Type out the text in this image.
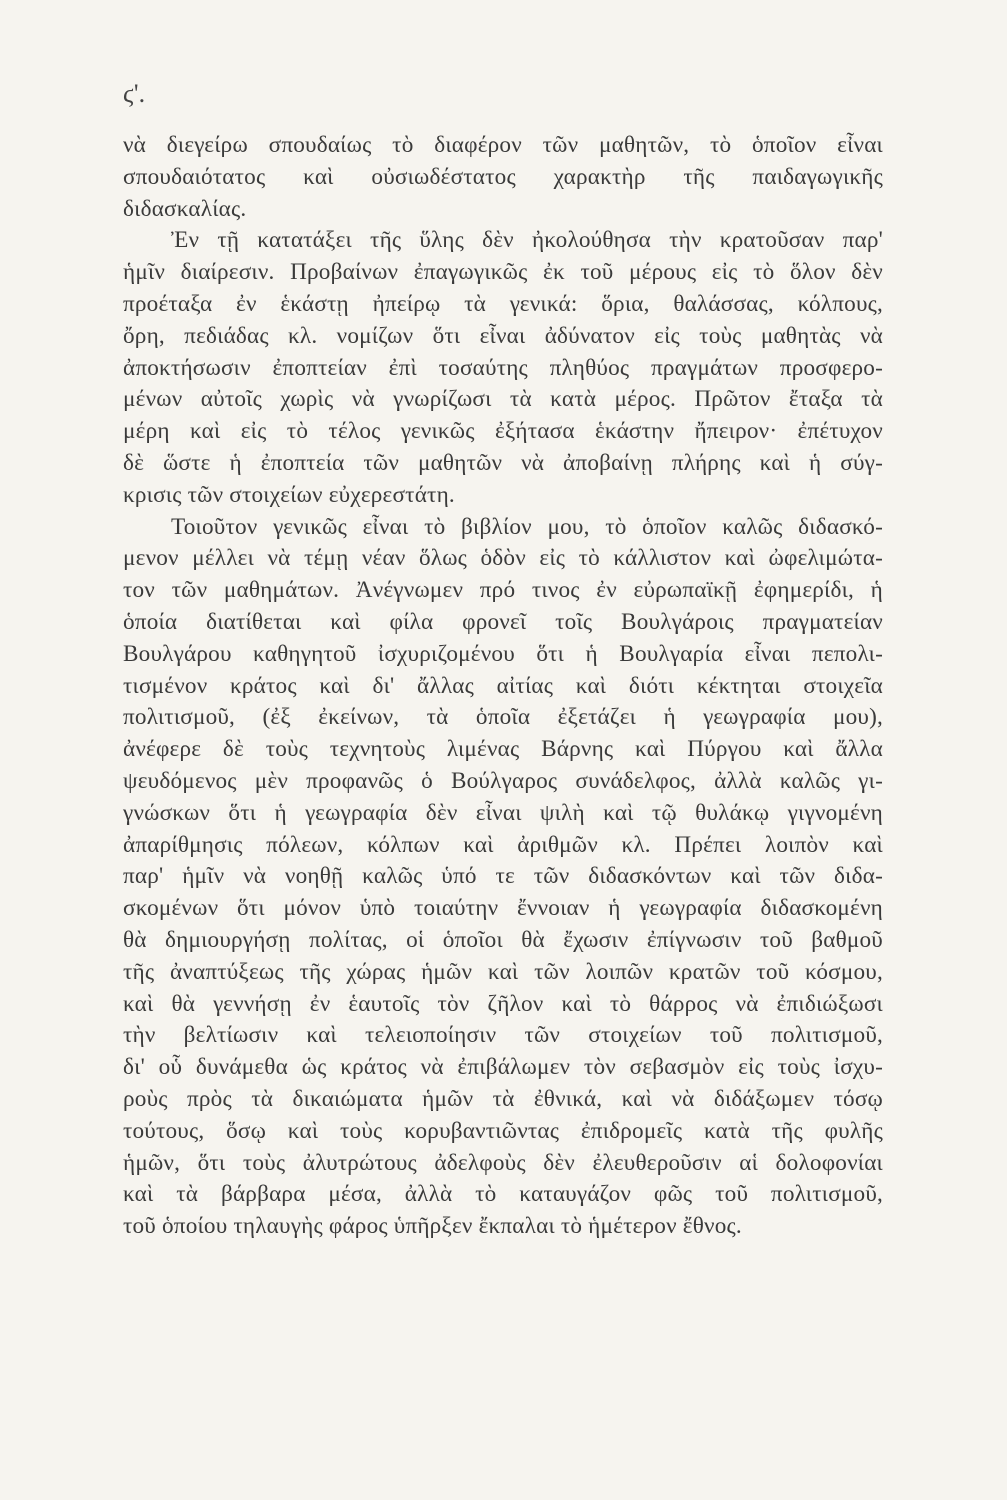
ϛ'.
νὰ διεγείρω σπουδαίως τὸ διαφέρον τῶν μαθητῶν, τὸ ὁποῖον εἶναι
σπουδαιότατος καὶ οὐσιωδέστατος χαρακτὴρ τῆς παιδαγωγικῆς
διδασκαλίας.
Ἐν τῇ κατατάξει τῆς ὕλης δὲν ἠκολούθησα τὴν κρατοῦσαν παρ'
ἡμῖν διαίρεσιν. Προβαίνων ἐπαγωγικῶς ἐκ τοῦ μέρους εἰς τὸ ὅλον δὲν
προέταξα ἐν ἑκάστῃ ἠπείρῳ τὰ γενικά: ὅρια, θαλάσσας, κόλπους,
ὄρη, πεδιάδας κλ. νομίζων ὅτι εἶναι ἀδύνατον εἰς τοὺς μαθητὰς νὰ
ἀποκτήσωσιν ἐποπτείαν ἐπὶ τοσαύτης πληθύος πραγμάτων προσφερο-
μένων αὐτοῖς χωρὶς νὰ γνωρίζωσι τὰ κατὰ μέρος. Πρῶτον ἔταξα τὰ
μέρη καὶ εἰς τὸ τέλος γενικῶς ἐξήτασα ἑκάστην ἤπειρον· ἐπέτυχον
δὲ ὥστε ἡ ἐποπτεία τῶν μαθητῶν νὰ ἀποβαίνῃ πλήρης καὶ ἡ σύγ-
κρισις τῶν στοιχείων εὐχερεστάτη.
Τοιοῦτον γενικῶς εἶναι τὸ βιβλίον μου, τὸ ὁποῖον καλῶς διδασκό-
μενον μέλλει νὰ τέμῃ νέαν ὅλως ὁδὸν εἰς τὸ κάλλιστον καὶ ὠφελιμώτα-
τον τῶν μαθημάτων. Ἀνέγνωμεν πρό τινος ἐν εὐρωπαϊκῇ ἐφημερίδι, ἡ
ὁποία διατίθεται καὶ φίλα φρονεῖ τοῖς Βουλγάροις πραγματείαν
Βουλγάρου καθηγητοῦ ἰσχυριζομένου ὅτι ἡ Βουλγαρία εἶναι πεπολι-
τισμένον κράτος καὶ δι' ἄλλας αἰτίας καὶ διότι κέκτηται στοιχεῖα
πολιτισμοῦ, (ἐξ ἐκείνων, τὰ ὁποῖα ἐξετάζει ἡ γεωγραφία μου),
ἀνέφερε δὲ τοὺς τεχνητοὺς λιμένας Βάρνης καὶ Πύργου καὶ ἄλλα
ψευδόμενος μὲν προφανῶς ὁ Βούλγαρος συνάδελφος, ἀλλὰ καλῶς γι-
γνώσκων ὅτι ἡ γεωγραφία δὲν εἶναι ψιλὴ καὶ τῷ θυλάκῳ γιγνομένη
ἀπαρίθμησις πόλεων, κόλπων καὶ ἀριθμῶν κλ. Πρέπει λοιπὸν καὶ
παρ' ἡμῖν νὰ νοηθῇ καλῶς ὑπό τε τῶν διδασκόντων καὶ τῶν διδα-
σκομένων ὅτι μόνον ὑπὸ τοιαύτην ἔννοιαν ἡ γεωγραφία διδασκομένη
θὰ δημιουργήσῃ πολίτας, οἱ ὁποῖοι θὰ ἔχωσιν ἐπίγνωσιν τοῦ βαθμοῦ
τῆς ἀναπτύξεως τῆς χώρας ἡμῶν καὶ τῶν λοιπῶν κρατῶν τοῦ κόσμου,
καὶ θὰ γεννήσῃ ἐν ἑαυτοῖς τὸν ζῆλον καὶ τὸ θάρρος νὰ ἐπιδιώξωσι
τὴν βελτίωσιν καὶ τελειοποίησιν τῶν στοιχείων τοῦ πολιτισμοῦ,
δι' οὗ δυνάμεθα ὡς κράτος νὰ ἐπιβάλωμεν τὸν σεβασμὸν εἰς τοὺς ἰσχυ-
ροὺς πρὸς τὰ δικαιώματα ἡμῶν τὰ ἐθνικά, καὶ νὰ διδάξωμεν τόσῳ
τούτους, ὅσῳ καὶ τοὺς κορυβαντιῶντας ἐπιδρομεῖς κατὰ τῆς φυλῆς
ἡμῶν, ὅτι τοὺς ἀλυτρώτους ἀδελφοὺς δὲν ἐλευθεροῦσιν αἱ δολοφονίαι
καὶ τὰ βάρβαρα μέσα, ἀλλὰ τὸ καταυγάζον φῶς τοῦ πολιτισμοῦ,
τοῦ ὁποίου τηλαυγὴς φάρος ὑπῆρξεν ἔκπαλαι τὸ ἡμέτερον ἔθνος.
